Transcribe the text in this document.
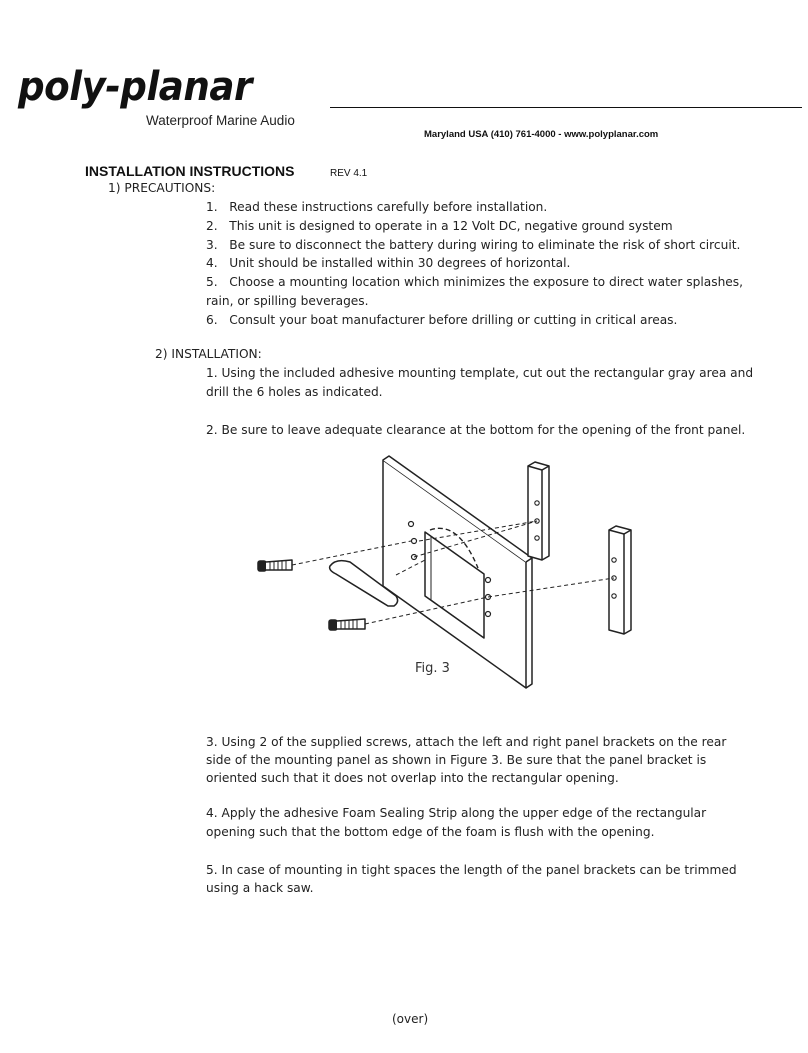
poly-planar
Waterproof Marine Audio
Maryland USA (410) 761-4000 - www.polyplanar.com
INSTALLATION INSTRUCTIONS	REV 4.1
1) PRECAUTIONS:
1. Read these instructions carefully before installation.
2. This unit is designed to operate in a 12 Volt DC, negative ground system
3. Be sure to disconnect the battery during wiring to eliminate the risk of short circuit.
4. Unit should be installed within 30 degrees of horizontal.
5. Choose a mounting location which minimizes the exposure to direct water splashes,
rain, or spilling beverages.
6. Consult your boat manufacturer before drilling or cutting in critical areas.
2) INSTALLATION:
1. Using the included adhesive mounting template, cut out the rectangular gray area and
drill the 6 holes as indicated.
2. Be sure to leave adequate clearance at the bottom for the opening of the front panel.
Fig. 3
3. Using 2 of the supplied screws, attach the left and right panel brackets on the rear
side of the mounting panel as shown in Figure 3. Be sure that the panel bracket is
oriented such that it does not overlap into the rectangular opening.
4. Apply the adhesive Foam Sealing Strip along the upper edge of the rectangular
opening such that the bottom edge of the foam is flush with the opening.
5. In case of mounting in tight spaces the length of the panel brackets can be trimmed
using a hack saw.
(over)
